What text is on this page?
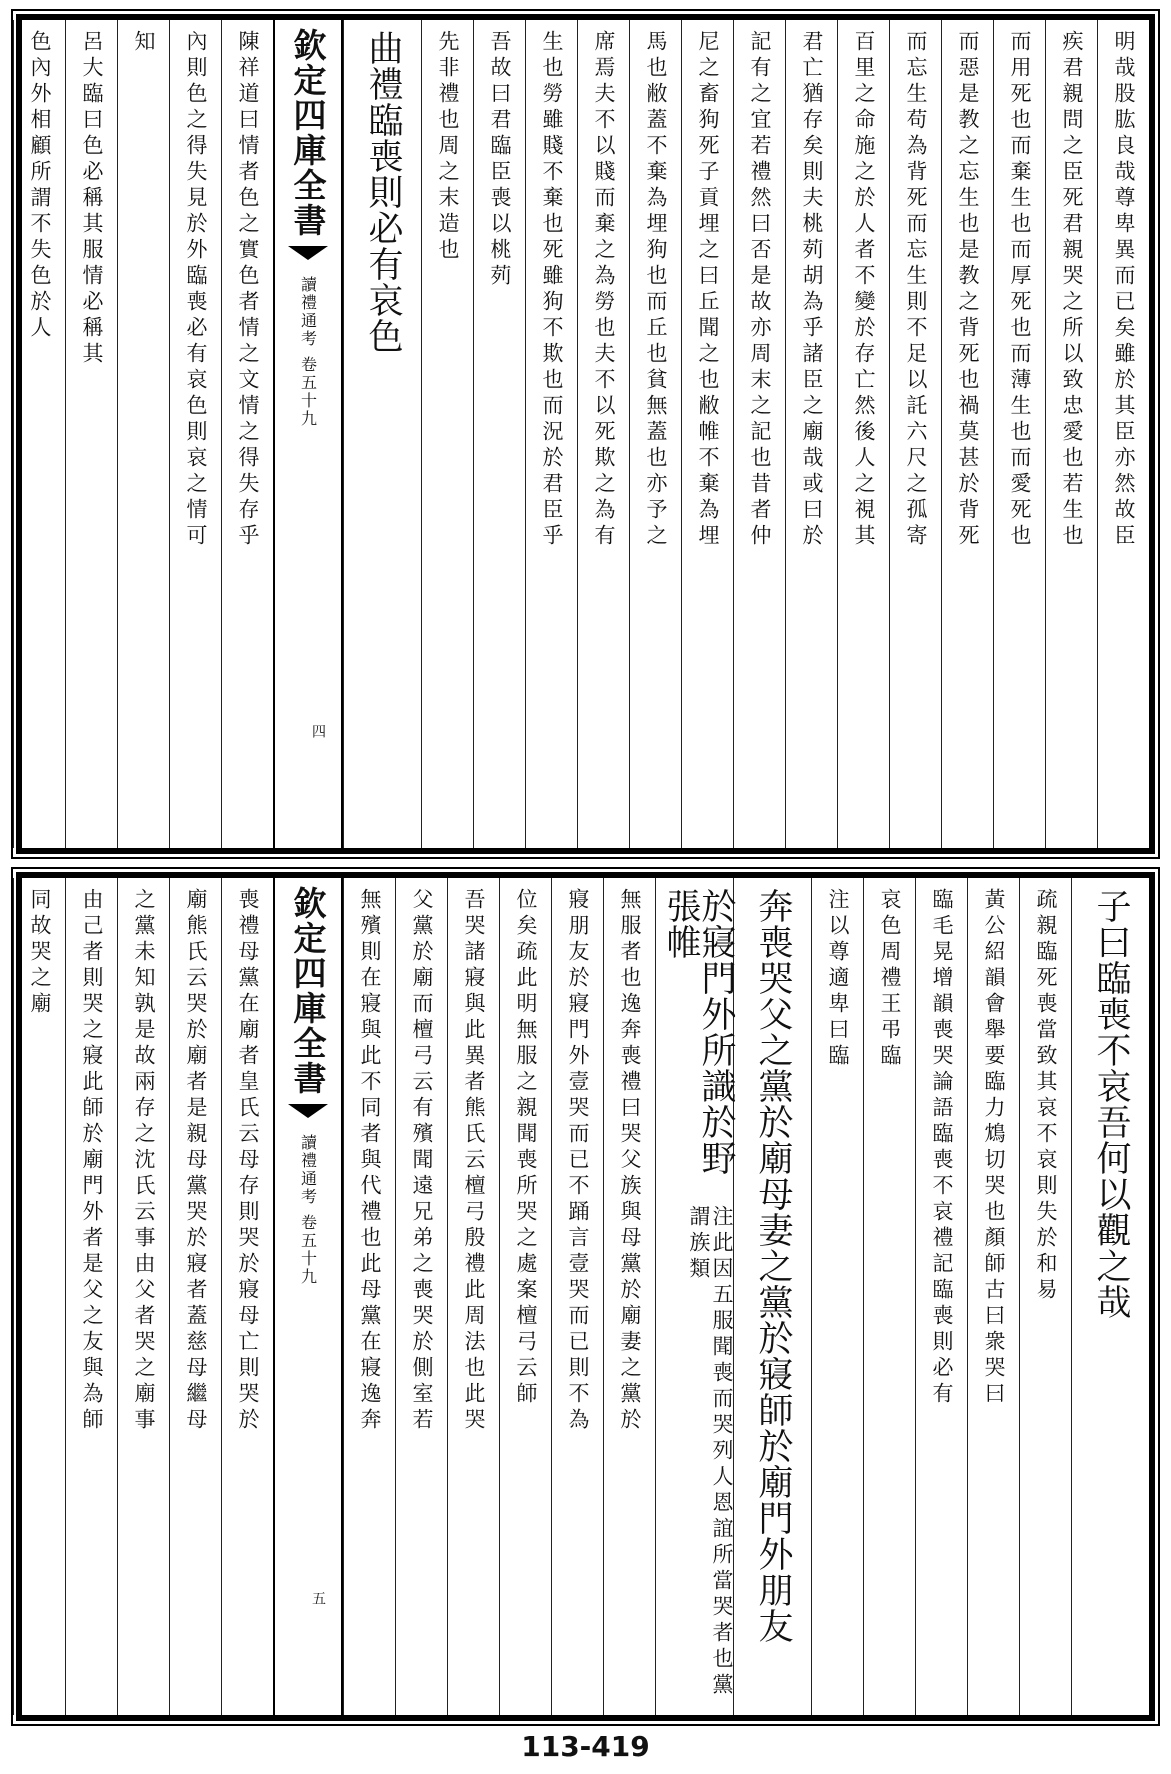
明哉股肱良哉尊卑異而已矣雖於其臣亦然故臣
疾君親問之臣死君親哭之所以致忠愛也若生也
而用死也而棄生也而厚死也而薄生也而愛死也
而惡是教之忘生也是教之背死也禍莫甚於背死
而忘生苟為背死而忘生則不足以託六尺之孤寄
百里之命施之於人者不變於存亡然後人之視其
君亡猶存矣則夫桃茢胡為乎諸臣之廟哉或曰於
記有之宜若禮然曰否是故亦周末之記也昔者仲
尼之畜狗死子貢埋之曰丘聞之也敝帷不棄為埋
馬也敝蓋不棄為埋狗也而丘也貧無蓋也亦予之
席焉夫不以賤而棄之為勞也夫不以死欺之為有
生也勞雖賤不棄也死雖狗不欺也而況於君臣乎
吾故曰君臨臣喪以桃茢
先非禮也周之末造也
曲禮臨喪則必有哀色
欽定四庫全書
讀禮通考
卷五十九
四
陳祥道曰情者色之實色者情之文情之得失存乎
內則色之得失見於外臨喪必有哀色則哀之情可
知
呂大臨曰色必稱其服情必稱其
色內外相顧所謂不失色於人
子曰臨喪不哀吾何以觀之哉
疏親臨死喪當致其哀不哀則失於和易
黃公紹韻會舉要臨力鴆切哭也顏師古曰衆哭曰
臨毛晃增韻喪哭論語臨喪不哀禮記臨喪則必有
哀色周禮王弔臨
注以尊適卑曰臨
奔喪哭父之黨於廟母妻之黨於寢師於廟門外朋友
於寢門外所識於野張帷
注此因五服聞喪而哭列人恩誼所當哭者也黨謂族類
無服者也逸奔喪禮曰哭父族與母黨於廟妻之黨於
寢朋友於寢門外壹哭而已不踊言壹哭而已則不為
位矣疏此明無服之親聞喪所哭之處案檀弓云師
吾哭諸寢與此異者熊氏云檀弓殷禮此周法也此哭
父黨於廟而檀弓云有殯聞遠兄弟之喪哭於側室若
無殯則在寢與此不同者與代禮也此母黨在寢逸奔
欽定四庫全書
讀禮通考
卷五十九
五
喪禮母黨在廟者皇氏云母存則哭於寢母亡則哭於
廟熊氏云哭於廟者是親母黨哭於寢者蓋慈母繼母
之黨未知孰是故兩存之沈氏云事由父者哭之廟事
由己者則哭之寢此師於廟門外者是父之友與為師
同故哭之廟
113-419
